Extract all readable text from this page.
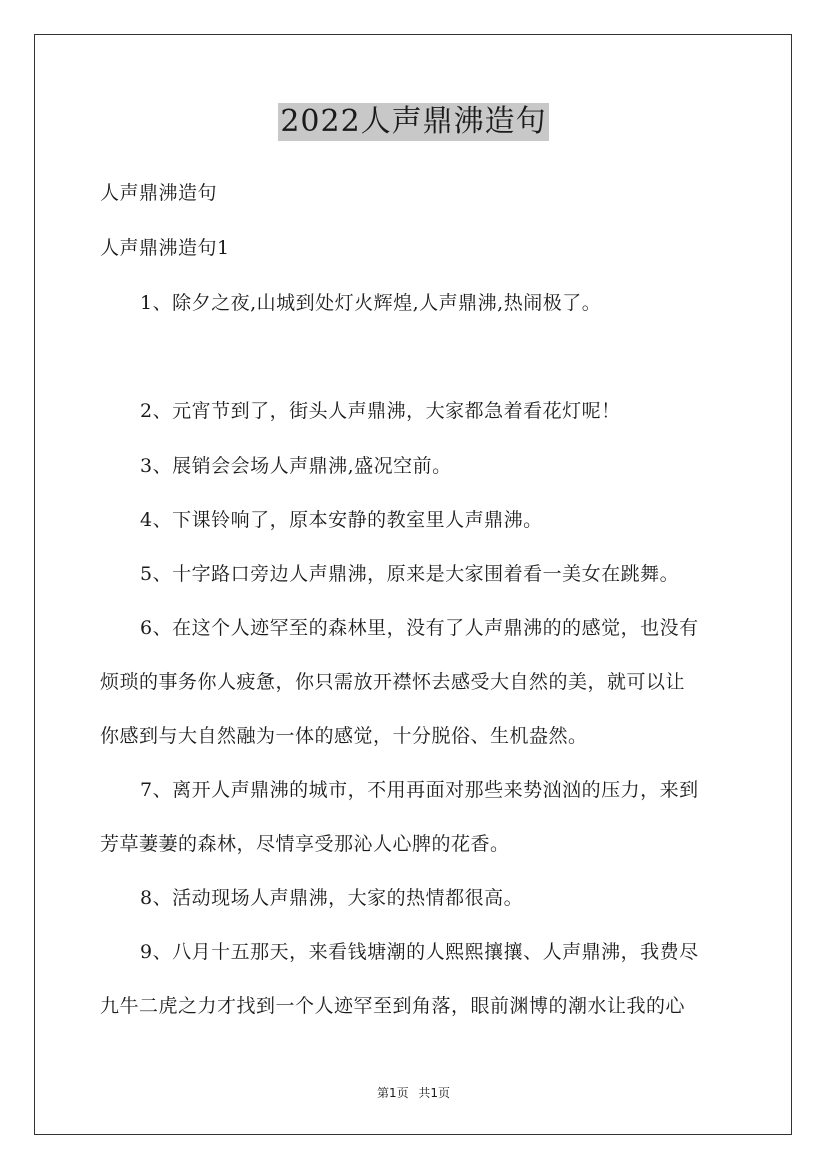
2022人声鼎沸造句
人声鼎沸造句
人声鼎沸造句1
1、除夕之夜,山城到处灯火辉煌,人声鼎沸,热闹极了。
2、元宵节到了，街头人声鼎沸，大家都急着看花灯呢！
3、展销会会场人声鼎沸,盛况空前。
4、下课铃响了，原本安静的教室里人声鼎沸。
5、十字路口旁边人声鼎沸，原来是大家围着看一美女在跳舞。
6、在这个人迹罕至的森林里，没有了人声鼎沸的的感觉，也没有
烦琐的事务你人疲惫，你只需放开襟怀去感受大自然的美，就可以让
你感到与大自然融为一体的感觉，十分脱俗、生机盎然。
7、离开人声鼎沸的城市，不用再面对那些来势汹汹的压力，来到
芳草萋萋的森林，尽情享受那沁人心脾的花香。
8、活动现场人声鼎沸，大家的热情都很高。
9、八月十五那天，来看钱塘潮的人熙熙攘攘、人声鼎沸，我费尽
九牛二虎之力才找到一个人迹罕至到角落，眼前渊博的潮水让我的心
第1页 共1页
